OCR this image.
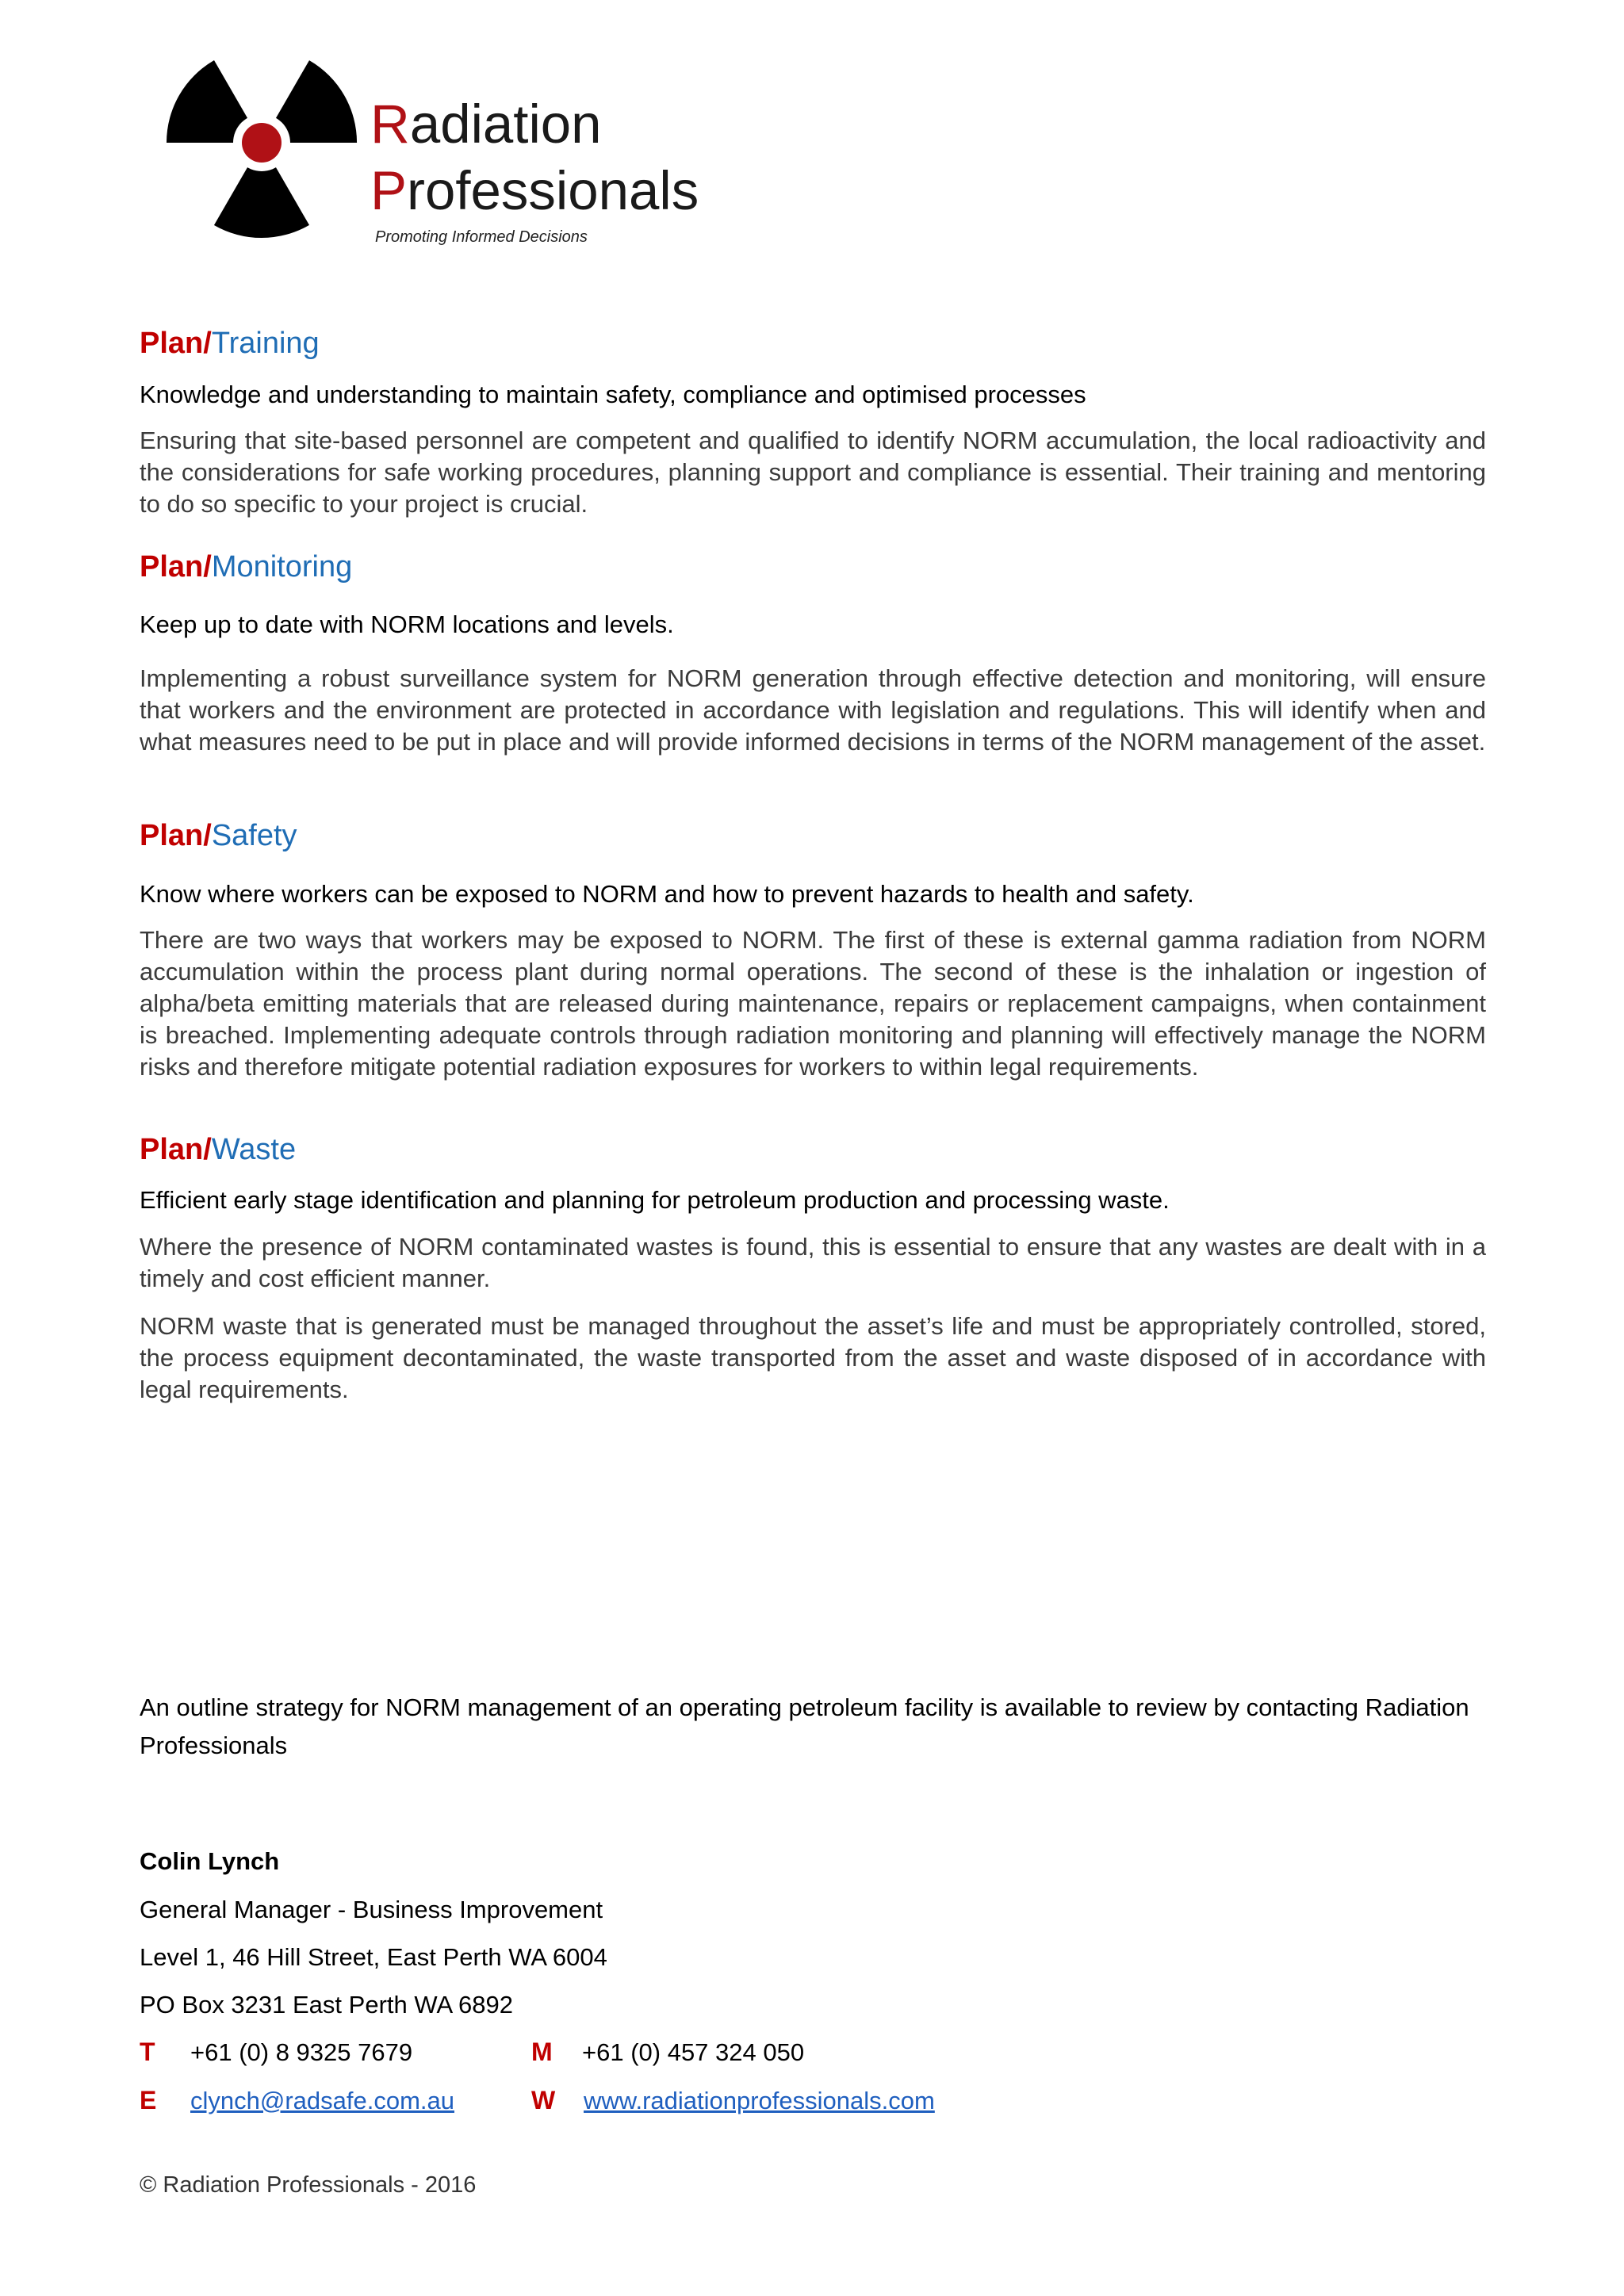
Radiation
Professionals
Promoting Informed Decisions
Plan/Training
Knowledge and understanding to maintain safety, compliance and optimised processes
Ensuring that site-based personnel are competent and qualified to identify NORM accumulation, the local radioactivity and the considerations for safe working procedures, planning support and compliance is essential. Their training and mentoring to do so specific to your project is crucial.
Plan/Monitoring
Keep up to date with NORM locations and levels.
Implementing a robust surveillance system for NORM generation through effective detection and monitoring, will ensure that workers and the environment are protected in accordance with legislation and regulations. This will identify when and what measures need to be put in place and will provide informed decisions in terms of the NORM management of the asset.
Plan/Safety
Know where workers can be exposed to NORM and how to prevent hazards to health and safety.
There are two ways that workers may be exposed to NORM. The first of these is external gamma radiation from NORM accumulation within the process plant during normal operations. The second of these is the inhalation or ingestion of alpha/beta emitting materials that are released during maintenance, repairs or replacement campaigns, when containment is breached. Implementing adequate controls through radiation monitoring and planning will effectively manage the NORM risks and therefore mitigate potential radiation exposures for workers to within legal requirements.
Plan/Waste
Efficient early stage identification and planning for petroleum production and processing waste.
Where the presence of NORM contaminated wastes is found, this is essential to ensure that any wastes are dealt with in a timely and cost efficient manner.
NORM waste that is generated must be managed throughout the asset’s life and must be appropriately controlled, stored, the process equipment decontaminated, the waste transported from the asset and waste disposed of in accordance with legal requirements.
An outline strategy for NORM management of an operating petroleum facility is available to review by contacting Radiation Professionals
Colin Lynch
General Manager - Business Improvement
Level 1, 46 Hill Street, East Perth WA 6004
PO Box 3231 East Perth WA 6892
T +61 (0) 8 9325 7679	M +61 (0) 457 324 050
E clynch@radsafe.com.au	W www.radiationprofessionals.com
© Radiation Professionals - 2016
